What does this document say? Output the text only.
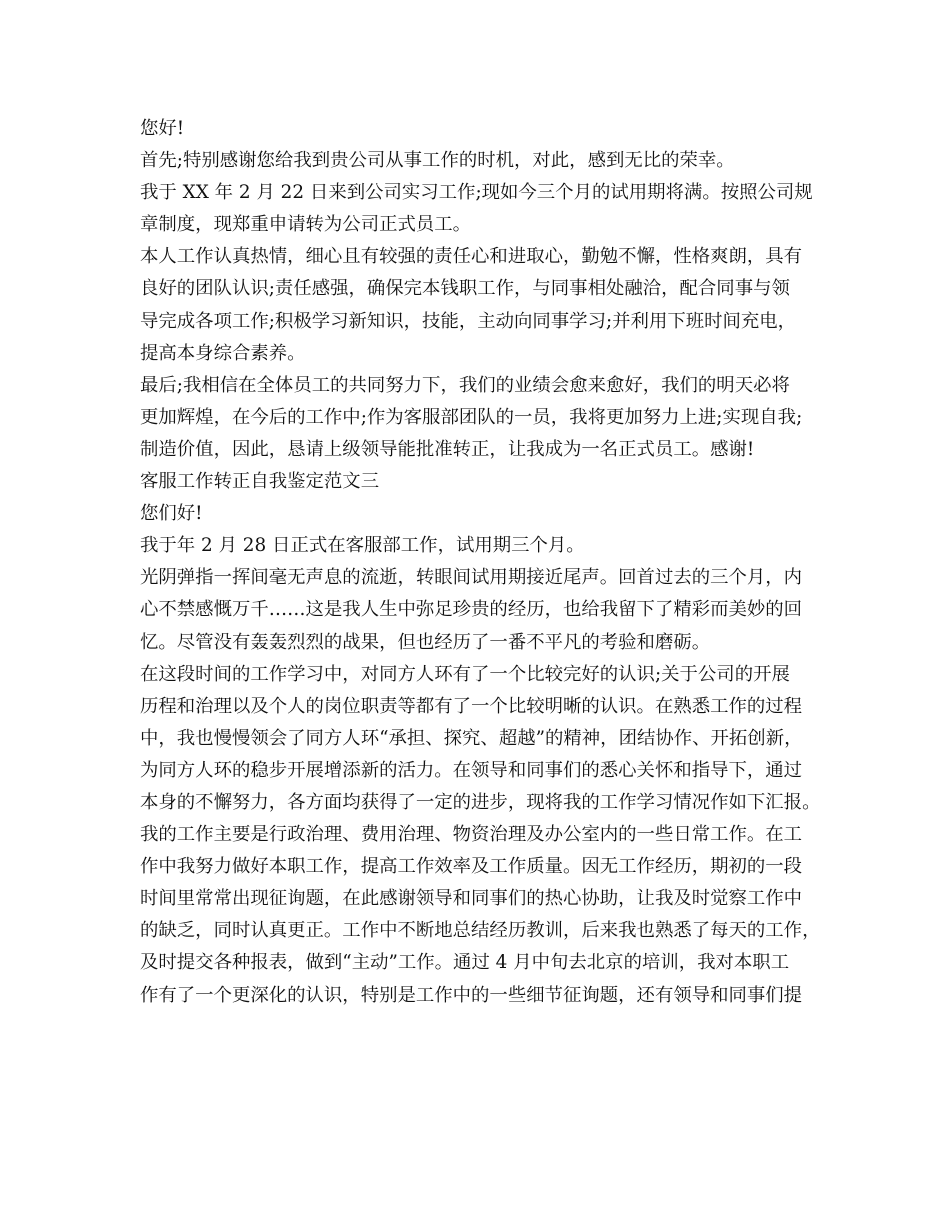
您好!
首先;特别感谢您给我到贵公司从事工作的时机，对此，感到无比的荣幸。
我于 XX 年 2 月 22 日来到公司实习工作;现如今三个月的试用期将满。按照公司规
章制度，现郑重申请转为公司正式员工。
本人工作认真热情，细心且有较强的责任心和进取心，勤勉不懈，性格爽朗，具有
良好的团队认识;责任感强，确保完本钱职工作，与同事相处融洽，配合同事与领
导完成各项工作;积极学习新知识，技能，主动向同事学习;并利用下班时间充电，
提高本身综合素养。
最后;我相信在全体员工的共同努力下，我们的业绩会愈来愈好，我们的明天必将
更加辉煌，在今后的工作中;作为客服部团队的一员，我将更加努力上进;实现自我;
制造价值，因此，恳请上级领导能批准转正，让我成为一名正式员工。感谢!
客服工作转正自我鉴定范文三
您们好!
我于年 2 月 28 日正式在客服部工作，试用期三个月。
光阴弹指一挥间毫无声息的流逝，转眼间试用期接近尾声。回首过去的三个月，内
心不禁感慨万千……这是我人生中弥足珍贵的经历，也给我留下了精彩而美妙的回
忆。尽管没有轰轰烈烈的战果，但也经历了一番不平凡的考验和磨砺。
在这段时间的工作学习中，对同方人环有了一个比较完好的认识;关于公司的开展
历程和治理以及个人的岗位职责等都有了一个比较明晰的认识。在熟悉工作的过程
中，我也慢慢领会了同方人环“承担、探究、超越”的精神，团结协作、开拓创新，
为同方人环的稳步开展增添新的活力。在领导和同事们的悉心关怀和指导下，通过
本身的不懈努力，各方面均获得了一定的进步，现将我的工作学习情况作如下汇报。
我的工作主要是行政治理、费用治理、物资治理及办公室内的一些日常工作。在工
作中我努力做好本职工作，提高工作效率及工作质量。因无工作经历，期初的一段
时间里常常出现征询题，在此感谢领导和同事们的热心协助，让我及时觉察工作中
的缺乏，同时认真更正。工作中不断地总结经历教训，后来我也熟悉了每天的工作，
及时提交各种报表，做到“主动”工作。通过 4 月中旬去北京的培训，我对本职工
作有了一个更深化的认识，特别是工作中的一些细节征询题，还有领导和同事们提
